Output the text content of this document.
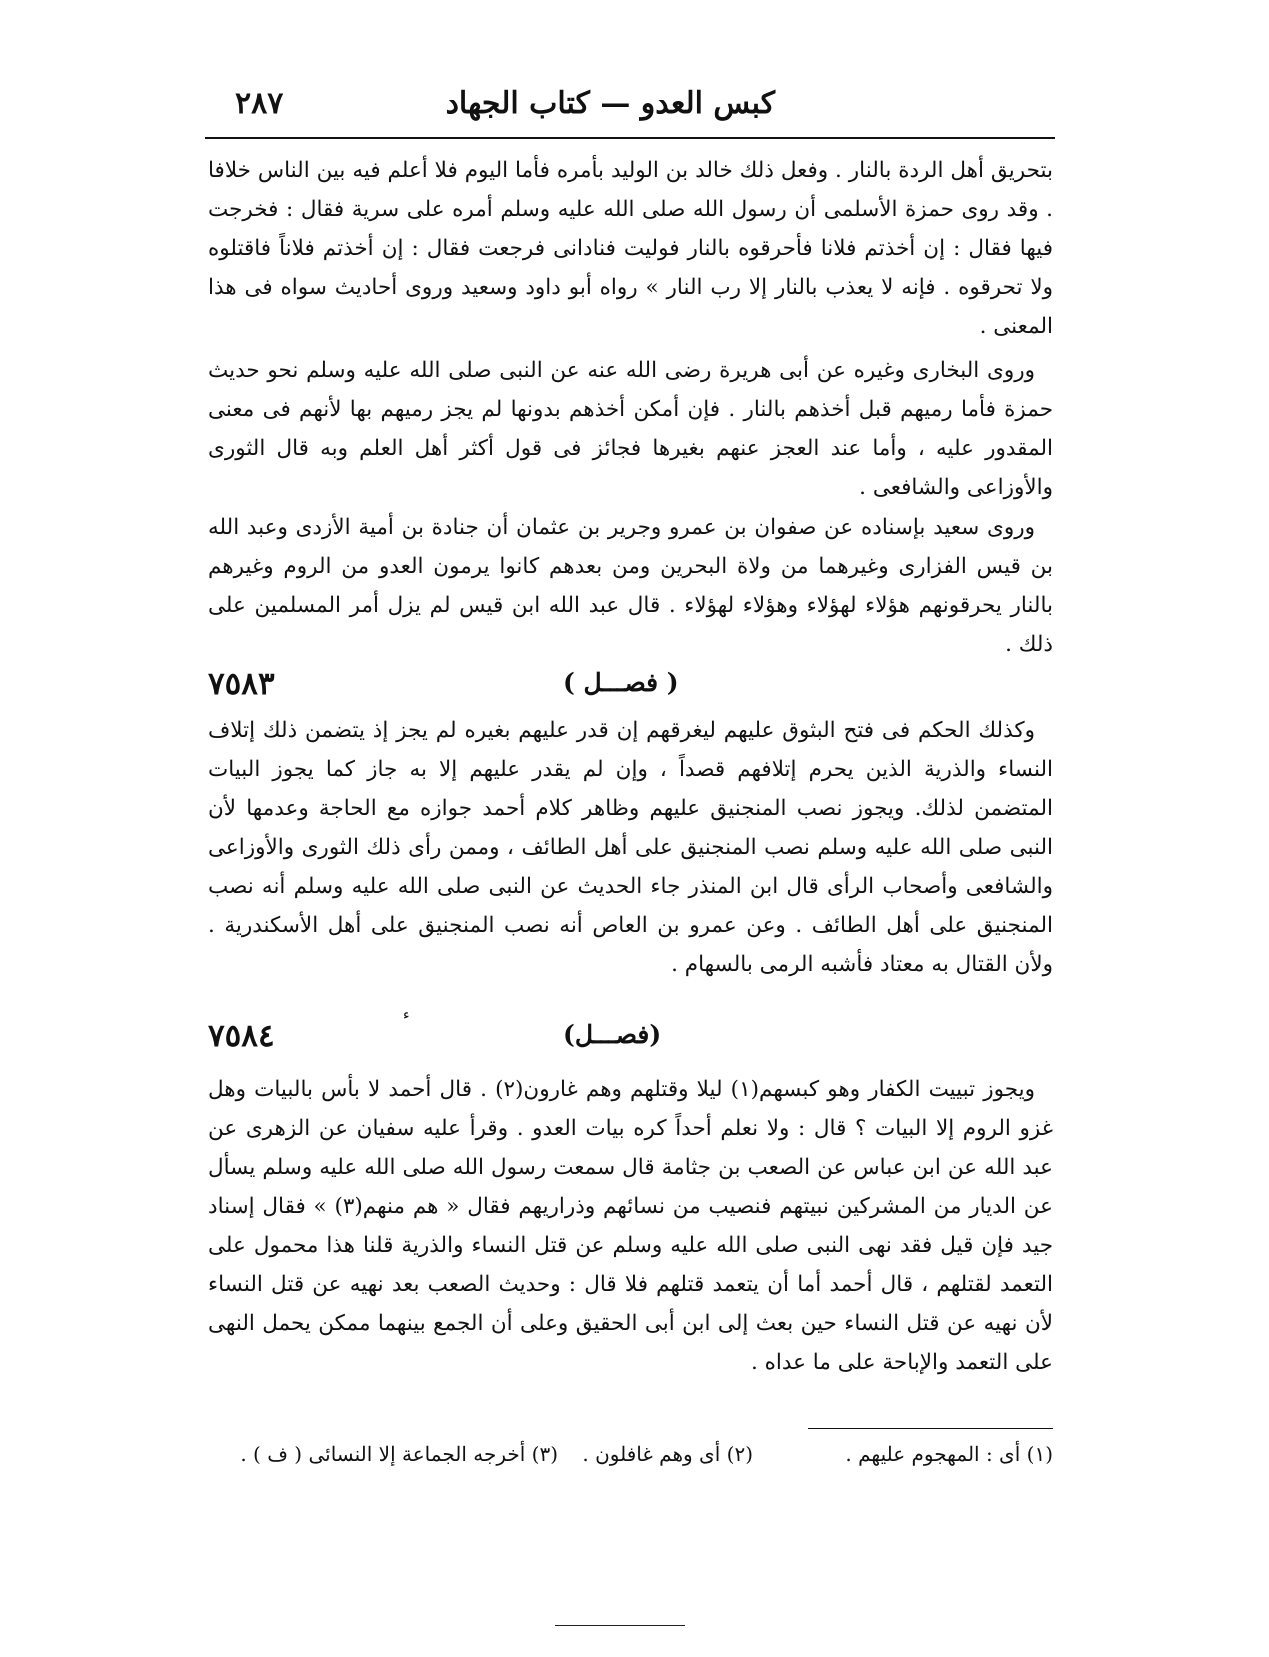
كبس العدو — كتاب الجهاد
٢٨٧
بتحريق أهل الردة بالنار . وفعل ذلك خالد بن الوليد بأمره فأما اليوم فلا أعلم فيه بين الناس خلافا . وقد روى حمزة الأسلمى أن رسول الله صلى الله عليه وسلم أمره على سرية فقال : فخرجت فيها فقال : إن أخذتم فلانا فأحرقوه بالنار فوليت فنادانى فرجعت فقال : إن أخذتم فلاناً فاقتلوه ولا تحرقوه . فإنه لا يعذب بالنار إلا رب النار » رواه أبو داود وسعيد وروى أحاديث سواه فى هذا المعنى .
وروى البخارى وغيره عن أبى هريرة رضى الله عنه عن النبى صلى الله عليه وسلم نحو حديث حمزة فأما رميهم قبل أخذهم بالنار . فإن أمكن أخذهم بدونها لم يجز رميهم بها لأنهم فى معنى المقدور عليه ، وأما عند العجز عنهم بغيرها فجائز فى قول أكثر أهل العلم وبه قال الثورى والأوزاعى والشافعى .
وروى سعيد بإسناده عن صفوان بن عمرو وجرير بن عثمان أن جنادة بن أمية الأزدى وعبد الله بن قيس الفزارى وغيرهما من ولاة البحرين ومن بعدهم كانوا يرمون العدو من الروم وغيرهم بالنار يحرقونهم هؤلاء لهؤلاء وهؤلاء لهؤلاء . قال عبد الله ابن قيس لم يزل أمر المسلمين على ذلك .
٧٥٨٣	( فصـــل )
وكذلك الحكم فى فتح البثوق عليهم ليغرقهم إن قدر عليهم بغيره لم يجز إذ يتضمن ذلك إتلاف النساء والذرية الذين يحرم إتلافهم قصداً ، وإن لم يقدر عليهم إلا به جاز كما يجوز البيات المتضمن لذلك. ويجوز نصب المنجنيق عليهم وظاهر كلام أحمد جوازه مع الحاجة وعدمها لأن النبى صلى الله عليه وسلم نصب المنجنيق على أهل الطائف ، وممن رأى ذلك الثورى والأوزاعى والشافعى وأصحاب الرأى قال ابن المنذر جاء الحديث عن النبى صلى الله عليه وسلم أنه نصب المنجنيق على أهل الطائف . وعن عمرو بن العاص أنه نصب المنجنيق على أهل الأسكندرية . ولأن القتال به معتاد فأشبه الرمى بالسهام .
ء
٧٥٨٤	(فصـــل)
ويجوز تبييت الكفار وهو كبسهم(١) ليلا وقتلهم وهم غارون(٢) . قال أحمد لا بأس بالبيات وهل غزو الروم إلا البيات ؟ قال : ولا نعلم أحداً كره بيات العدو . وقرأ عليه سفيان عن الزهرى عن عبد الله عن ابن عباس عن الصعب بن جثامة قال سمعت رسول الله صلى الله عليه وسلم يسأل عن الديار من المشركين نبيتهم فنصيب من نسائهم وذراريهم فقال « هم منهم(٣) » فقال إسناد جيد فإن قيل فقد نهى النبى صلى الله عليه وسلم عن قتل النساء والذرية قلنا هذا محمول على التعمد لقتلهم ، قال أحمد أما أن يتعمد قتلهم فلا قال : وحديث الصعب بعد نهيه عن قتل النساء لأن نهيه عن قتل النساء حين بعث إلى ابن أبى الحقيق وعلى أن الجمع بينهما ممكن يحمل النهى على التعمد والإباحة على ما عداه .
(١) أى : المهجوم عليهم .
(٢) أى وهم غافلون .
(٣) أخرجه الجماعة إلا النسائى ( ف ) .
